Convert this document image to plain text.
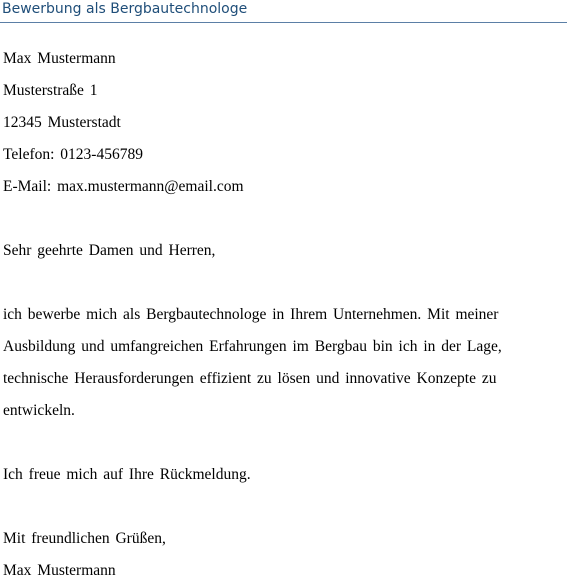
Bewerbung als Bergbautechnologe
Max Mustermann
Musterstraße 1
12345 Musterstadt
Telefon: 0123-456789
E-Mail: max.mustermann@email.com
Sehr geehrte Damen und Herren,
ich bewerbe mich als Bergbautechnologe in Ihrem Unternehmen. Mit meiner
Ausbildung und umfangreichen Erfahrungen im Bergbau bin ich in der Lage,
technische Herausforderungen effizient zu lösen und innovative Konzepte zu
entwickeln.
Ich freue mich auf Ihre Rückmeldung.
Mit freundlichen Grüßen,
Max Mustermann
